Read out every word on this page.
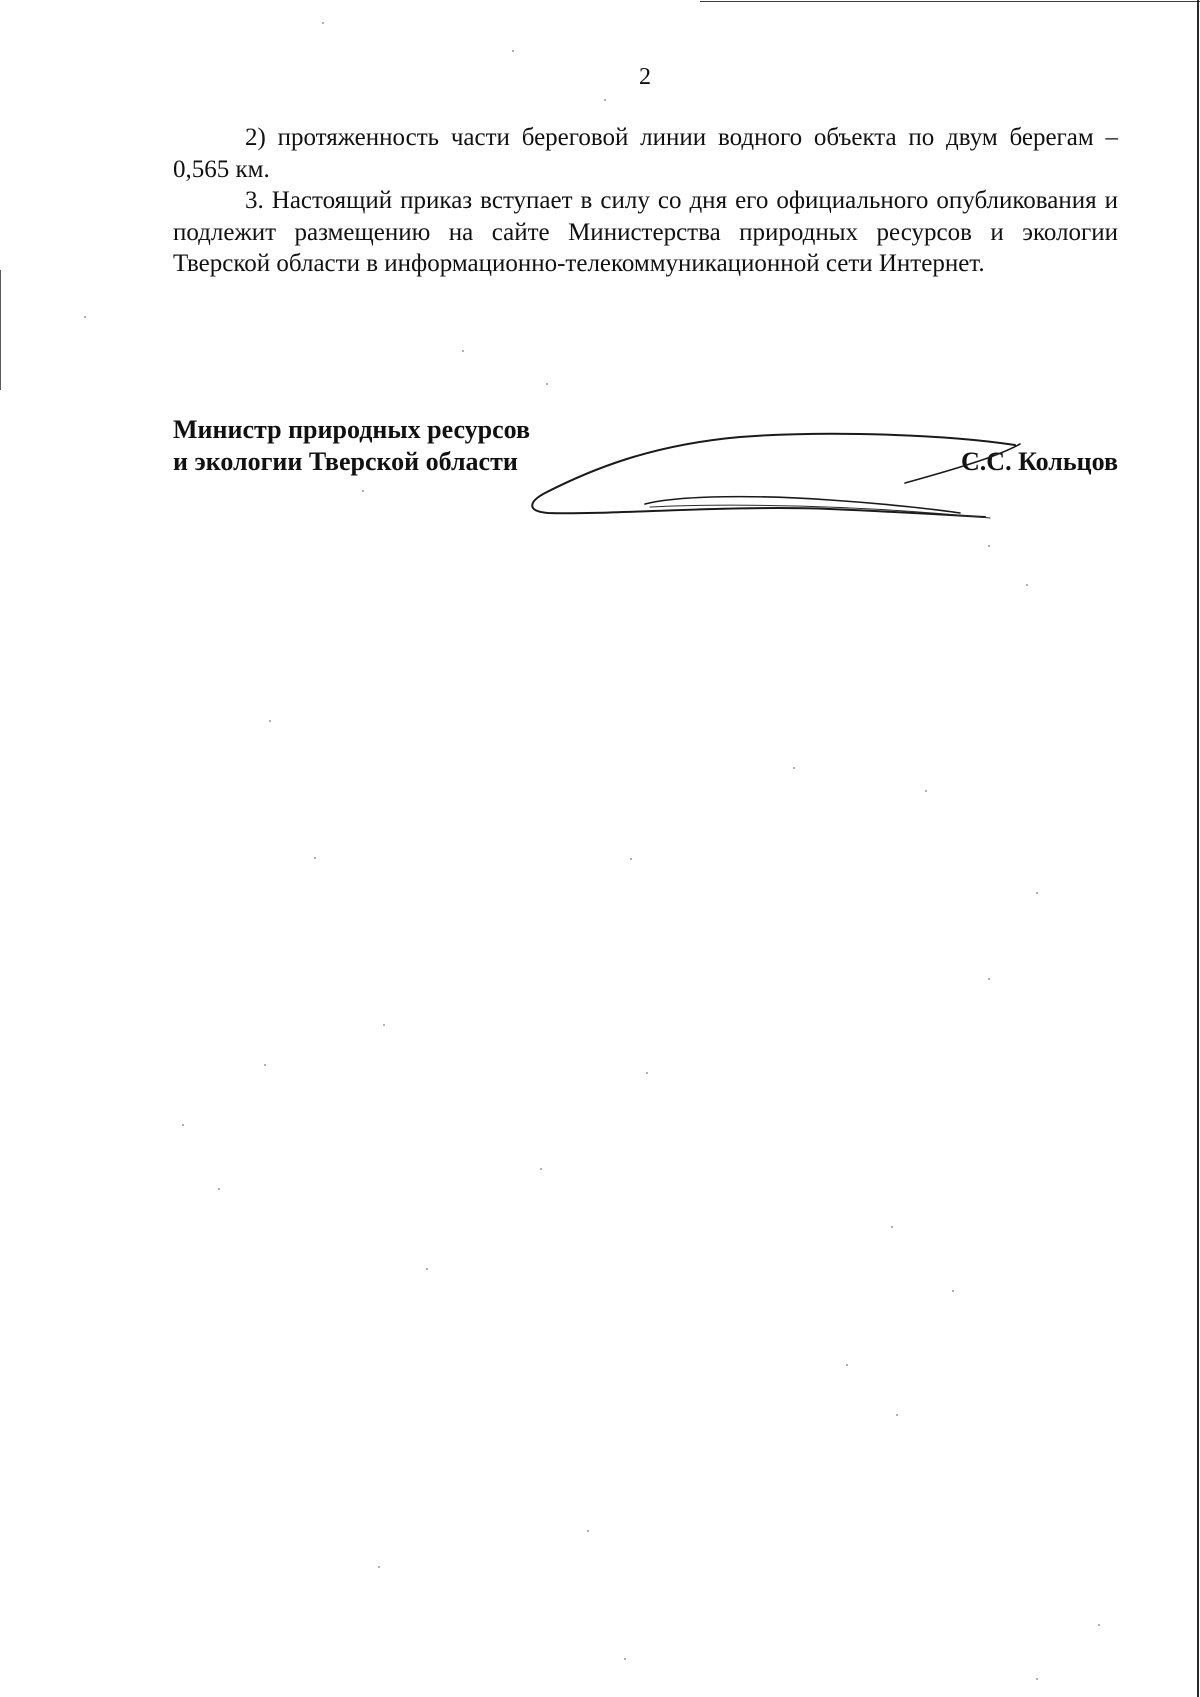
2

2) протяженность части береговой линии водного объекта по двум берегам – 0,565 км.

3. Настоящий приказ вступает в силу со дня его официального опубликования и подлежит размещению на сайте Министерства природных ресурсов и экологии Тверской области в информационно-телекоммуникационной сети Интернет.

Министр природных ресурсов
и экологии Тверской области	С.С. Кольцов
